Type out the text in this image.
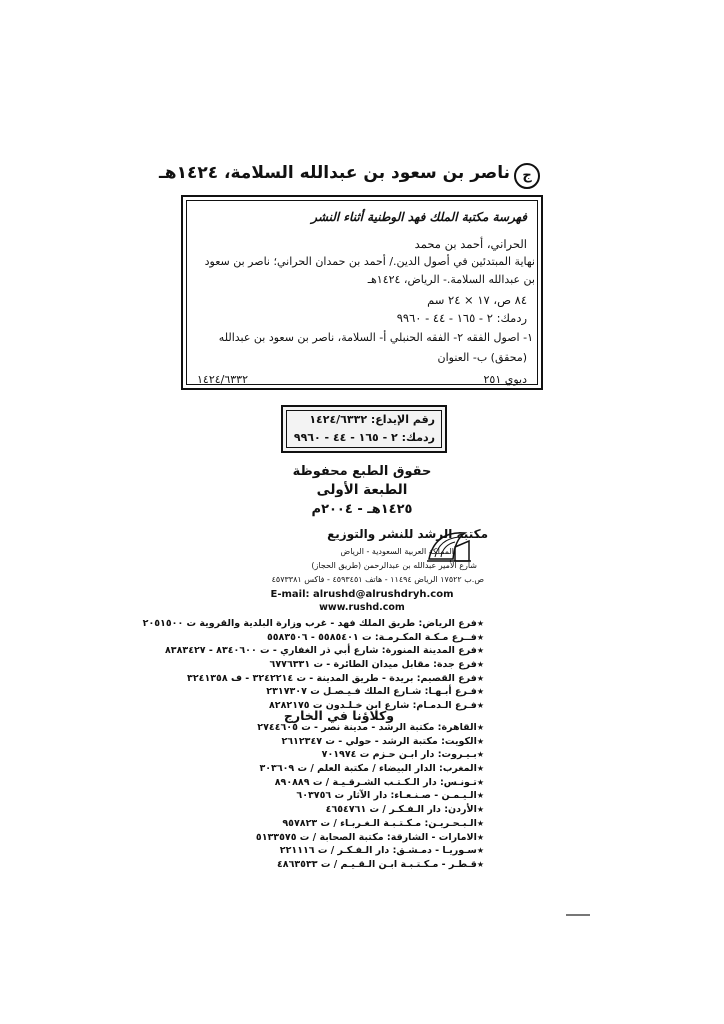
ج
ناصر بن سعود بن عبدالله السلامة، ١٤٢٤هـ
فهرسة مكتبة الملك فهد الوطنية أثناء النشر
الحراني، أحمد بن محمد
نهاية المبتدئين في أصول الدين./ أحمد بن حمدان الحراني؛ ناصر بن سعود
بن عبدالله السلامة.- الرياض، ١٤٢٤هـ
٨٤ ص، ١٧ × ٢٤ سم
ردمك: ٢ - ١٦٥ - ٤٤ - ٩٩٦٠
١- اصول الفقه ٢- الفقه الحنبلي أ- السلامة، ناصر بن سعود بن عبدالله
(محقق) ب- العنوان
ديوي ٢٥١
١٤٢٤/٦٣٣٢
رقم الإيداع: ١٤٢٤/٦٣٣٢
ردمك: ٢ - ١٦٥ - ٤٤ - ٩٩٦٠
حقوق الطبع محفوظة
الطبعة الأولى
١٤٢٥هـ - ٢٠٠٤م
مكتبة الرشد للنشر والتوزيع
المملكة العربية السعودية - الرياض
شارع الأمير عبدالله بن عبدالرحمن (طريق الحجاز)
ص.ب ١٧٥٢٢ الرياض ١١٤٩٤ - هاتف ٤٥٩٣٤٥١ - فاكس ٤٥٧٣٣٨١
E-mail: alrushd@alrushdryh.com
www.rushd.com
★ فرع الرياض: طريق الملك فهد - غرب وزارة البلدية والقروية ت ٢٠٥١٥٠٠
★ فــرع مـكـة المكـرمـة: ت ٥٥٨٥٤٠١ - ٥٥٨٣٥٠٦
★ فرع المدينة المنورة: شارع أبي ذر الغفاري - ت ٨٣٤٠٦٠٠ - ٨٣٨٣٤٢٧
★ فرع جدة: مقابل ميدان الطائرة - ت ٦٧٧٦٣٣١
★ فرع القصيم: بريدة - طريق المدينة - ت ٣٢٤٢٢١٤ - ف ٣٢٤١٣٥٨
★ فـرع أبـهـا: شـارع الملك فـيـصـل ت ٢٣١٧٣٠٧
★ فـرع الـدمـام: شارع ابن خـلـدون ت ٨٢٨٢١٧٥
وكلاؤنا في الخارج
★ القاهرة: مكتبة الرشد - مدينة نصر - ت ٢٧٤٤٦٠٥
★ الكويت: مكتبة الرشد - حولي - ت ٢٦١٢٣٤٧
★ بـيـروت: دار ابـن حـزم ت ٧٠١٩٧٤
★ المغرب: الدار البيضاء / مكتبة العلم / ت ٣٠٣٦٠٩
★ تـونـس: دار الـكـتـب الشـرقـيـة / ت ٨٩٠٨٨٩
★ الـيـمـن - صـنـعـاء: دار الآثار ت ٦٠٣٧٥٦
★ الأردن: دار الـفـكـر / ت ٤٦٥٤٧٦١
★ الـبـحـريـن: مـكـتـبـة الـغـربـاء / ت ٩٥٧٨٢٣
★ الامارات - الشارقة: مكتبة الصحابة / ت ٥١٣٣٥٧٥
★ سـوريـا - دمـشـق: دار الـفـكـر / ت ٢٢١١١٦
★ قـطـر - مـكـتـبـة ابـن الـقـيـم / ت ٤٨٦٣٥٣٣
